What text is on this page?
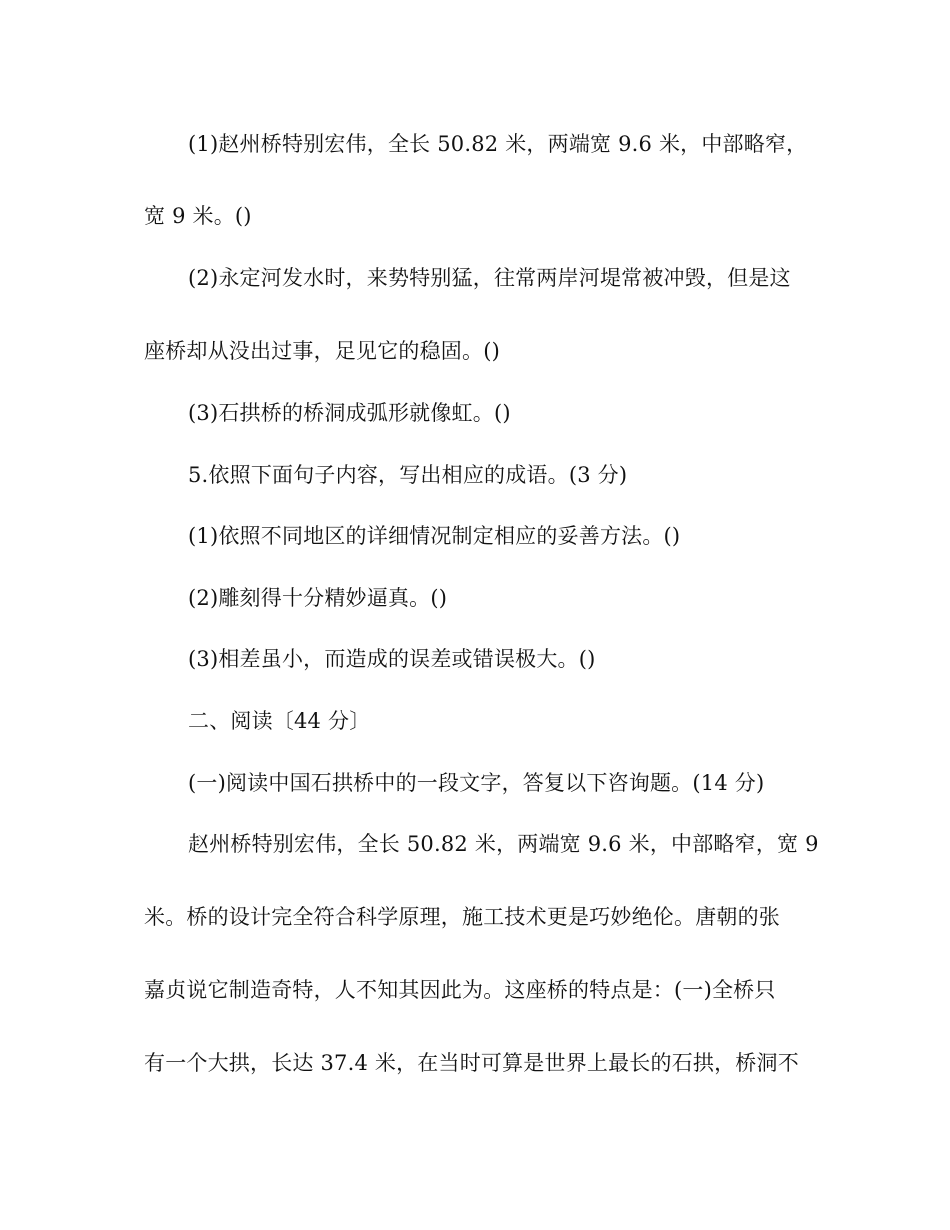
(1)赵州桥特别宏伟，全长 50.82 米，两端宽 9.6 米，中部略窄，
宽 9 米。()
(2)永定河发水时，来势特别猛，往常两岸河堤常被冲毁，但是这
座桥却从没出过事，足见它的稳固。()
(3)石拱桥的桥洞成弧形就像虹。()
5.依照下面句子内容，写出相应的成语。(3 分)
(1)依照不同地区的详细情况制定相应的妥善方法。()
(2)雕刻得十分精妙逼真。()
(3)相差虽小，而造成的误差或错误极大。()
二、阅读〔44 分〕
(一)阅读中国石拱桥中的一段文字，答复以下咨询题。(14 分)
赵州桥特别宏伟，全长 50.82 米，两端宽 9.6 米，中部略窄，宽 9
米。桥的设计完全符合科学原理，施工技术更是巧妙绝伦。唐朝的张
嘉贞说它制造奇特，人不知其因此为。这座桥的特点是：(一)全桥只
有一个大拱，长达 37.4 米，在当时可算是世界上最长的石拱，桥洞不
